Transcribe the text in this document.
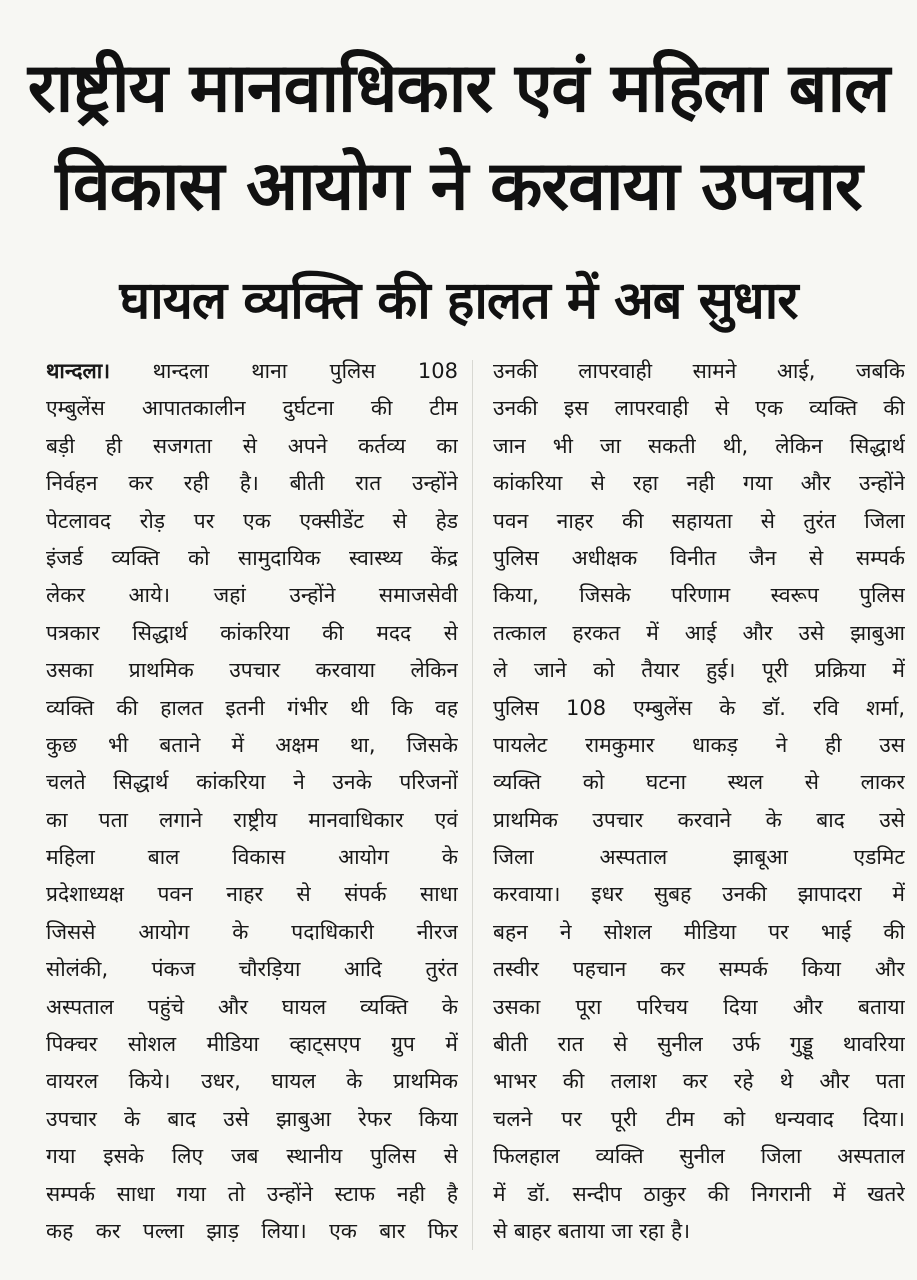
राष्ट्रीय मानवाधिकार एवं महिला बाल
विकास आयोग ने करवाया उपचार
घायल व्यक्ति की हालत में अब सुधार
थान्दला। थान्दला थाना पुलिस 108
एम्बुलेंस आपातकालीन दुर्घटना की टीम
बड़ी ही सजगता से अपने कर्तव्य का
निर्वहन कर रही है। बीती रात उन्होंने
पेटलावद रोड़ पर एक एक्सीडेंट से हेड
इंजर्ड व्यक्ति को सामुदायिक स्वास्थ्य केंद्र
लेकर आये। जहां उन्होंने समाजसेवी
पत्रकार सिद्धार्थ कांकरिया की मदद से
उसका प्राथमिक उपचार करवाया लेकिन
व्यक्ति की हालत इतनी गंभीर थी कि वह
कुछ भी बताने में अक्षम था, जिसके
चलते सिद्धार्थ कांकरिया ने उनके परिजनों
का पता लगाने राष्ट्रीय मानवाधिकार एवं
महिला बाल विकास आयोग के
प्रदेशाध्यक्ष पवन नाहर से संपर्क साधा
जिससे आयोग के पदाधिकारी नीरज
सोलंकी, पंकज चौरड़िया आदि तुरंत
अस्पताल पहुंचे और घायल व्यक्ति के
पिक्चर सोशल मीडिया व्हाट्सएप ग्रुप में
वायरल किये। उधर, घायल के प्राथमिक
उपचार के बाद उसे झाबुआ रेफर किया
गया इसके लिए जब स्थानीय पुलिस से
सम्पर्क साधा गया तो उन्होंने स्टाफ नही है
कह कर पल्ला झाड़ लिया। एक बार फिर
उनकी लापरवाही सामने आई, जबकि
उनकी इस लापरवाही से एक व्यक्ति की
जान भी जा सकती थी, लेकिन सिद्धार्थ
कांकरिया से रहा नही गया और उन्होंने
पवन नाहर की सहायता से तुरंत जिला
पुलिस अधीक्षक विनीत जैन से सम्पर्क
किया, जिसके परिणाम स्वरूप पुलिस
तत्काल हरकत में आई और उसे झाबुआ
ले जाने को तैयार हुई। पूरी प्रक्रिया में
पुलिस 108 एम्बुलेंस के डॉ. रवि शर्मा,
पायलेट रामकुमार धाकड़ ने ही उस
व्यक्ति को घटना स्थल से लाकर
प्राथमिक उपचार करवाने के बाद उसे
जिला अस्पताल झाबूआ एडमिट
करवाया। इधर सुबह उनकी झापादरा में
बहन ने सोशल मीडिया पर भाई की
तस्वीर पहचान कर सम्पर्क किया और
उसका पूरा परिचय दिया और बताया
बीती रात से सुनील उर्फ गुड्डू थावरिया
भाभर की तलाश कर रहे थे और पता
चलने पर पूरी टीम को धन्यवाद दिया।
फिलहाल व्यक्ति सुनील जिला अस्पताल
में डॉ. सन्दीप ठाकुर की निगरानी में खतरे
से बाहर बताया जा रहा है।
